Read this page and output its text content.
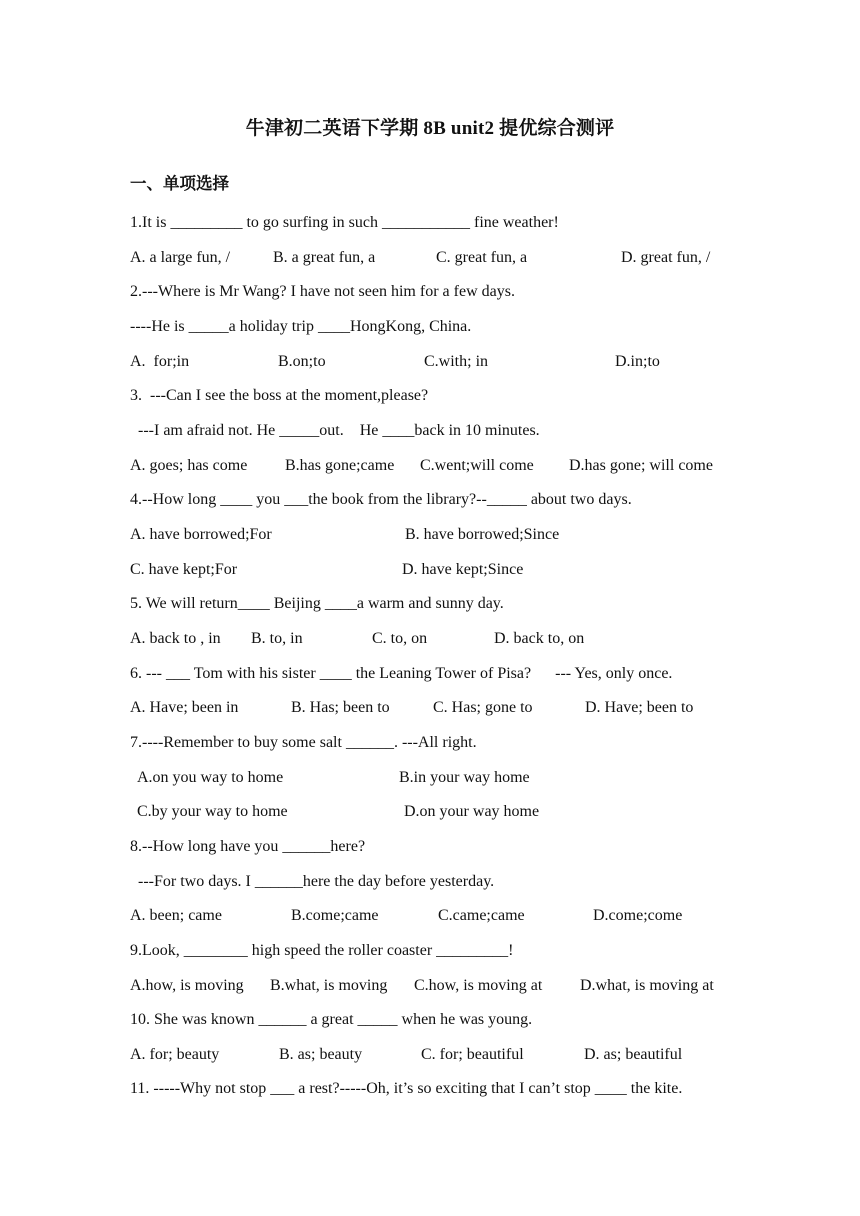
牛津初二英语下学期 8B unit2 提优综合测评
一、单项选择
1.It is _________ to go surfing in such ___________ fine weather!
A. a large fun, /	B. a great fun, a	C. great fun, a	D. great fun, /
2.---Where is Mr Wang? I have not seen him for a few days.
----He is _____a holiday trip ____HongKong, China.
A.  for;in	B.on;to	C.with; in	D.in;to
3.  ---Can I see the boss at the moment,please?
---I am afraid not. He _____out.    He ____back in 10 minutes.
A. goes; has come B.has gone;came C.went;will come D.has gone; will come
4.--How long ____ you ___the book from the library?--_____ about two days.
A. have borrowed;For	B. have borrowed;Since
C. have kept;For	D. have kept;Since
5. We will return____ Beijing ____a warm and sunny day.
A. back to , in B. to, in	C. to, on	D. back to, on
6. --- ___ Tom with his sister ____ the Leaning Tower of Pisa?      --- Yes, only once.
A. Have; been in	B. Has; been to	C. Has; gone to	D. Have; been to
7.----Remember to buy some salt ______. ---All right.
A.on you way to home	B.in your way home
C.by your way to home	D.on your way home
8.--How long have you ______here?
---For two days. I ______here the day before yesterday.
A. been; came	B.come;came	C.came;came	D.come;come
9.Look, ________ high speed the roller coaster _________!
A.how, is moving B.what, is moving C.how, is moving at D.what, is moving at
10. She was known ______ a great _____ when he was young.
A. for; beauty	B. as; beauty	C. for; beautiful	D. as; beautiful
11. -----Why not stop ___ a rest?-----Oh, it’s so exciting that I can’t stop ____ the kite.
